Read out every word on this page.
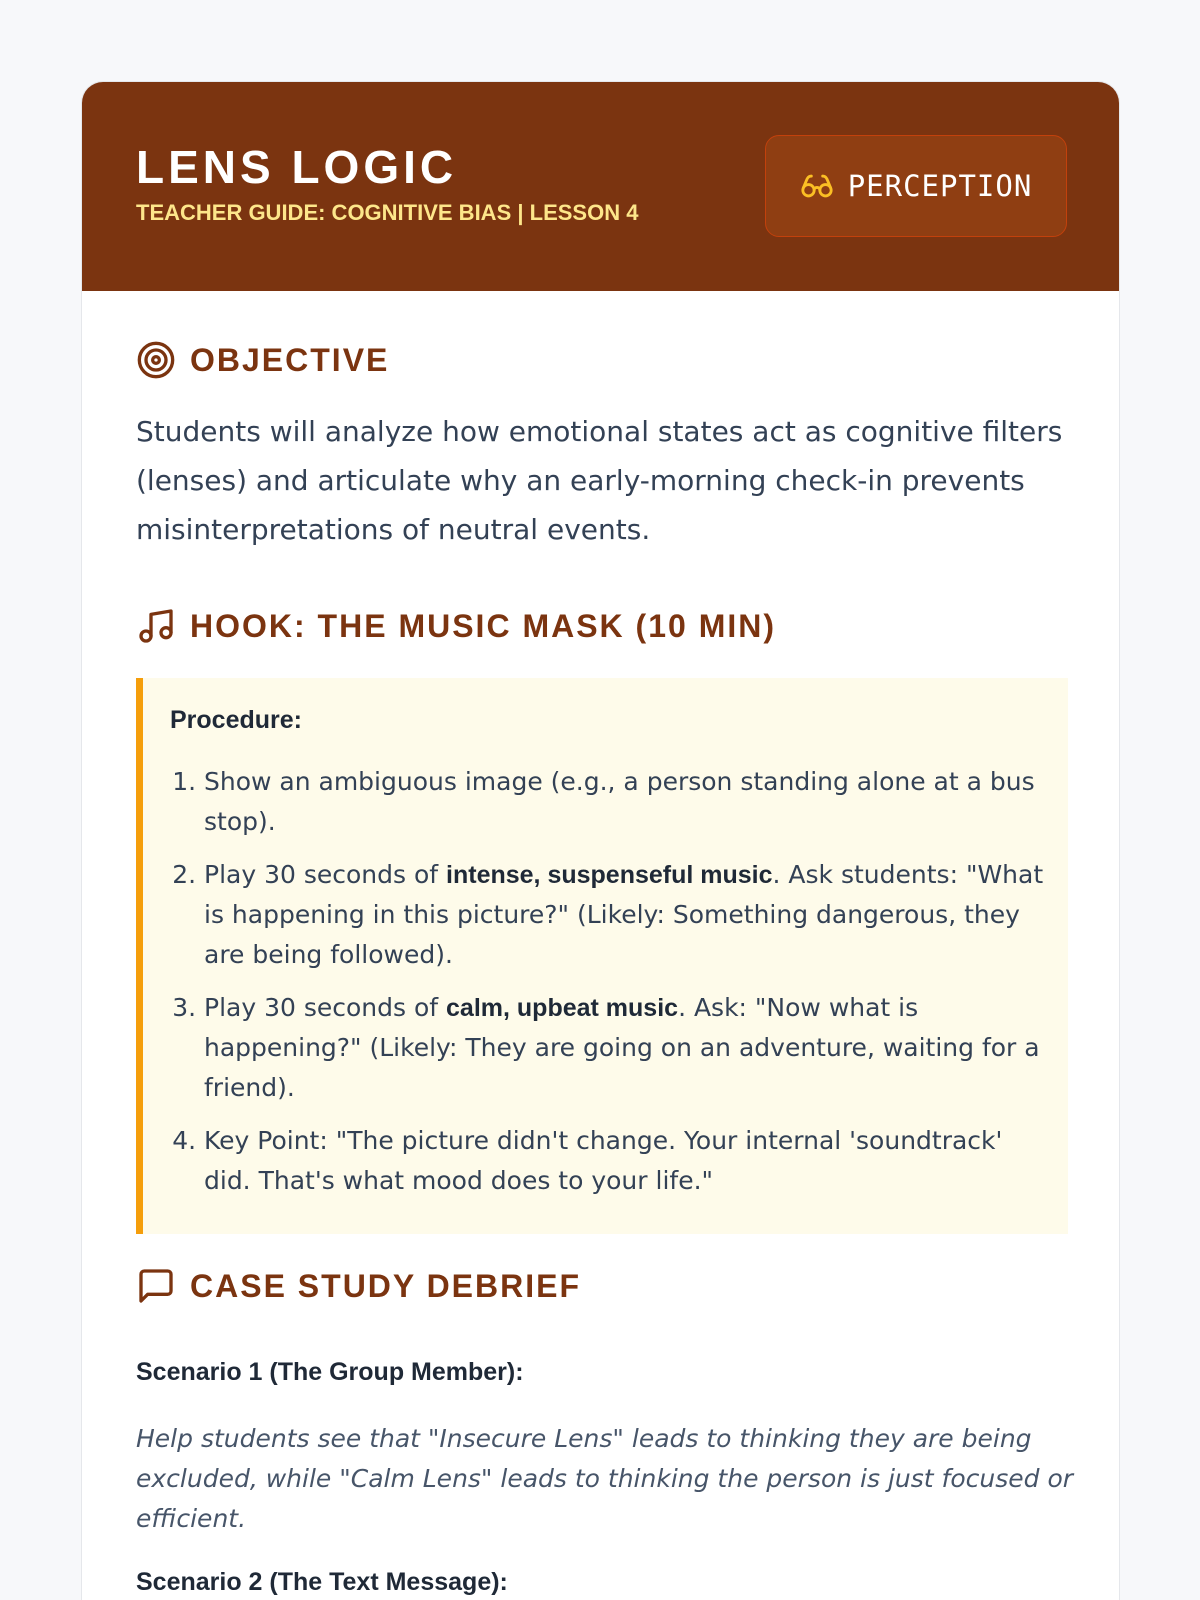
LENS LOGIC
TEACHER GUIDE: COGNITIVE BIAS | LESSON 4
PERCEPTION
OBJECTIVE

Students will analyze how emotional states act as cognitive filters (lenses) and articulate why an early-morning check-in prevents misinterpretations of neutral events.

HOOK: THE MUSIC MASK (10 MIN)

Procedure:

1. Show an ambiguous image (e.g., a person standing alone at a bus stop).
2. Play 30 seconds of intense, suspenseful music. Ask students: "What is happening in this picture?" (Likely: Something dangerous, they are being followed).
3. Play 30 seconds of calm, upbeat music. Ask: "Now what is happening?" (Likely: They are going on an adventure, waiting for a friend).
4. Key Point: "The picture didn't change. Your internal 'soundtrack' did. That's what mood does to your life."
CASE STUDY DEBRIEF
Scenario 1 (The Group Member):

Help students see that "Insecure Lens" leads to thinking they are being excluded, while "Calm Lens" leads to thinking the person is just focused or efficient.

Scenario 2 (The Text Message):
